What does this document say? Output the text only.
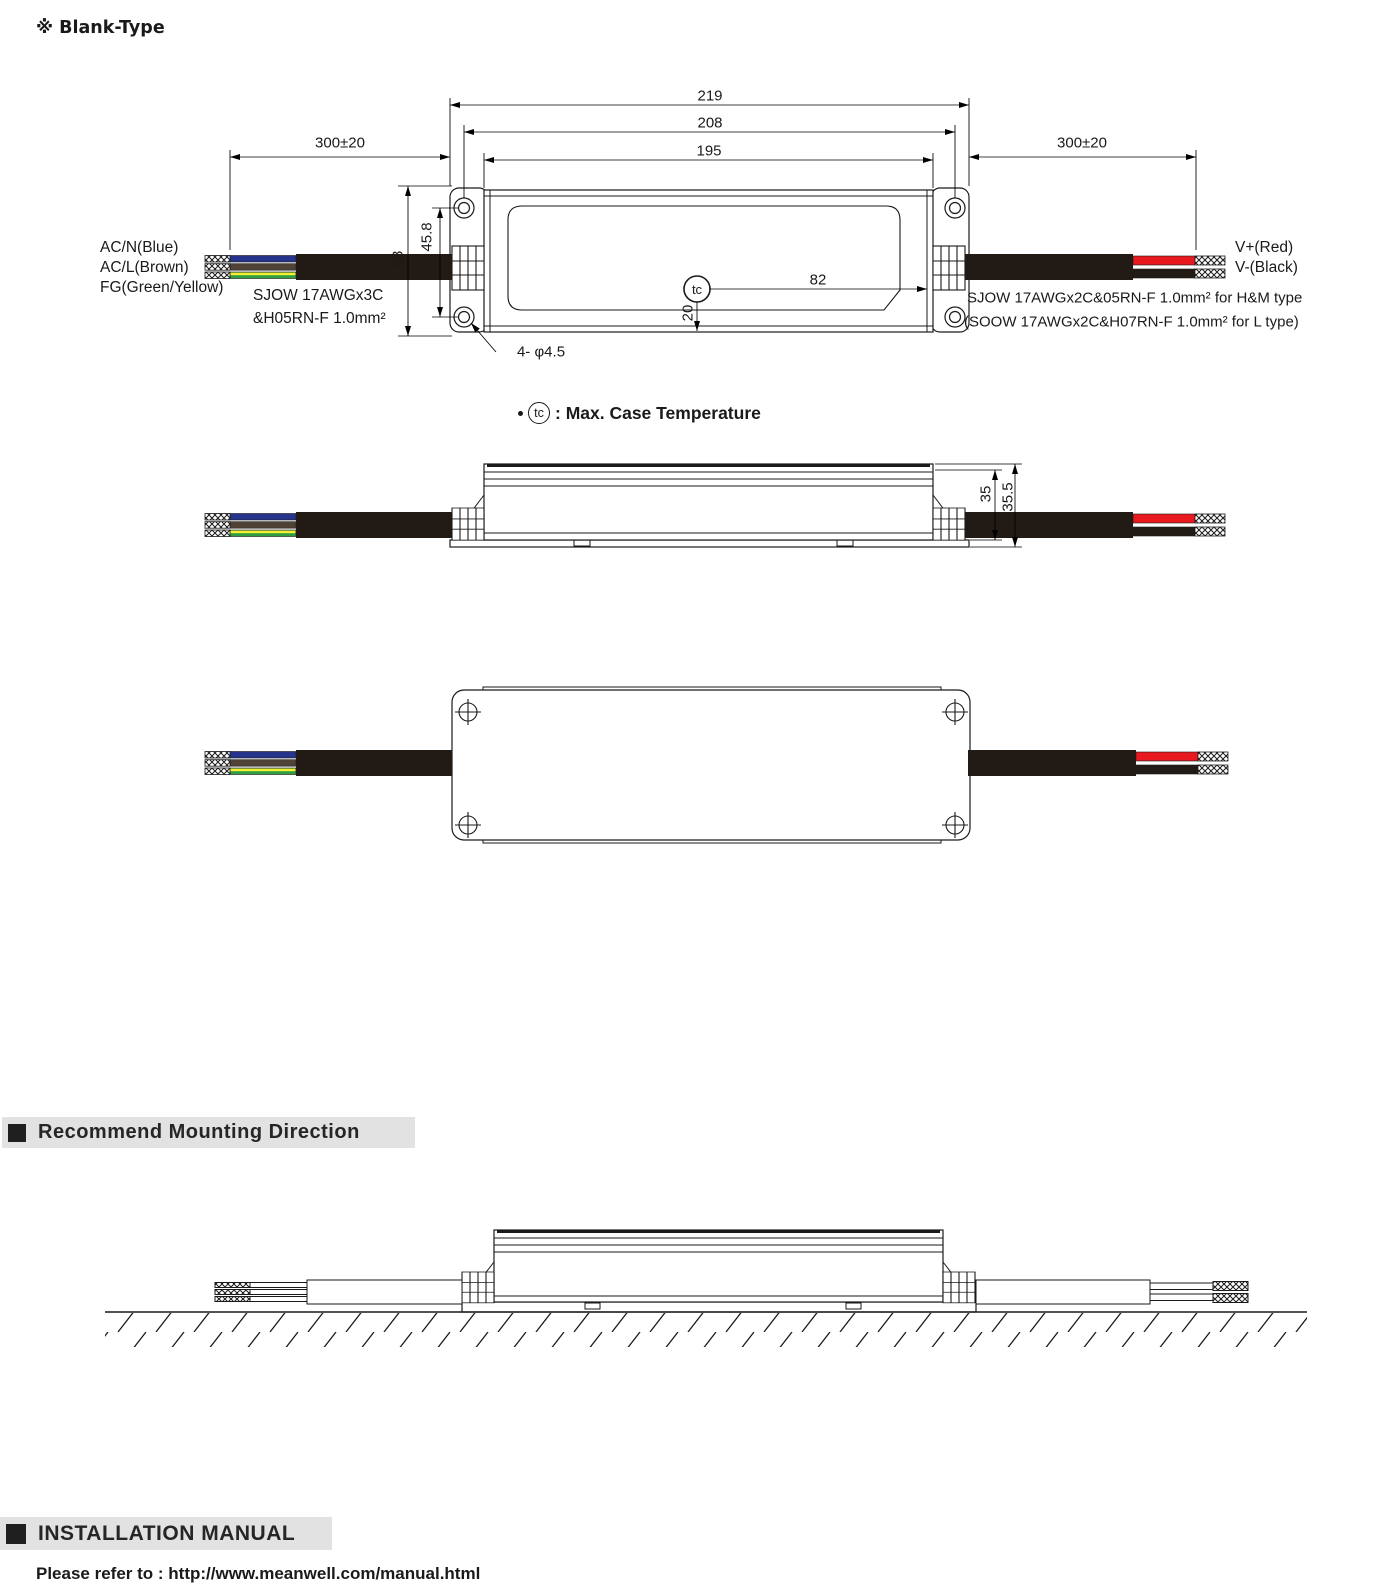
tc
※ Blank-Type
219
208
195
300±20	300±20
63
45.8
82
20
4- φ4.5
35 35.5
AC/N(Blue)
AC/L(Brown)
FG(Green/Yellow) SJOW 17AWGx3C
&H05RN-F 1.0mm²
V+(Red)
V-(Black)
SJOW 17AWGx2C&05RN-F 1.0mm² for H&M type
(SOOW 17AWGx2C&H07RN-F 1.0mm² for L type)
tc : Max. Case Temperature
Recommend Mounting Direction
INSTALLATION MANUAL
Please refer to : http://www.meanwell.com/manual.html
